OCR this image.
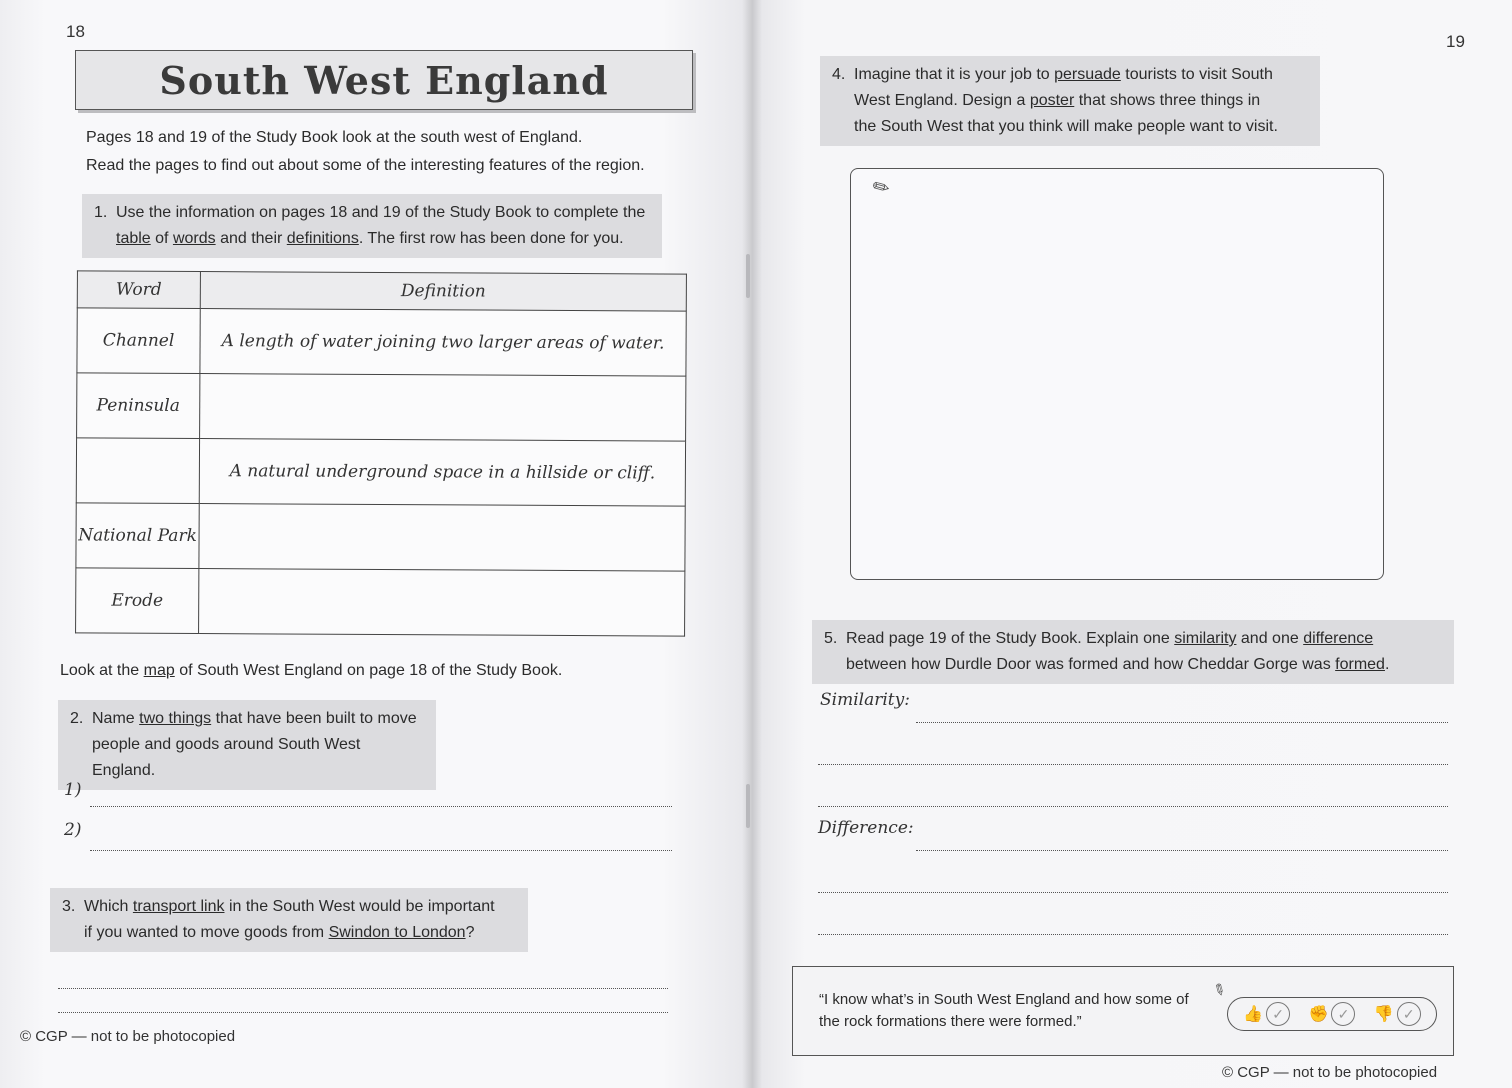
18
South West England
Pages 18 and 19 of the Study Book look at the south west of England.
Read the pages to find out about some of the interesting features of the region.
1. Use the information on pages 18 and 19 of the Study Book to complete the
table of words and their definitions. The first row has been done for you.
Word	Definition
Channel	A length of water joining two larger areas of water.
Peninsula	
	A natural underground space in a hillside or cliff.
National Park	
Erode	
Look at the map of South West England on page 18 of the Study Book.
2. Name two things that have been built to move
people and goods around South West England.
1)
2)
3. Which transport link in the South West would be important
if you wanted to move goods from Swindon to London?
© CGP — not to be photocopied
19
4. Imagine that it is your job to persuade tourists to visit South
West England. Design a poster that shows three things in
the South West that you think will make people want to visit.
✎
5. Read page 19 of the Study Book. Explain one similarity and one difference
between how Durdle Door was formed and how Cheddar Gorge was formed.
Similarity:
Difference:
“I know what’s in South West England and how some of the rock formations there were formed.”
✎
👍 ✓	✊ ✓	👎 ✓
© CGP — not to be photocopied
